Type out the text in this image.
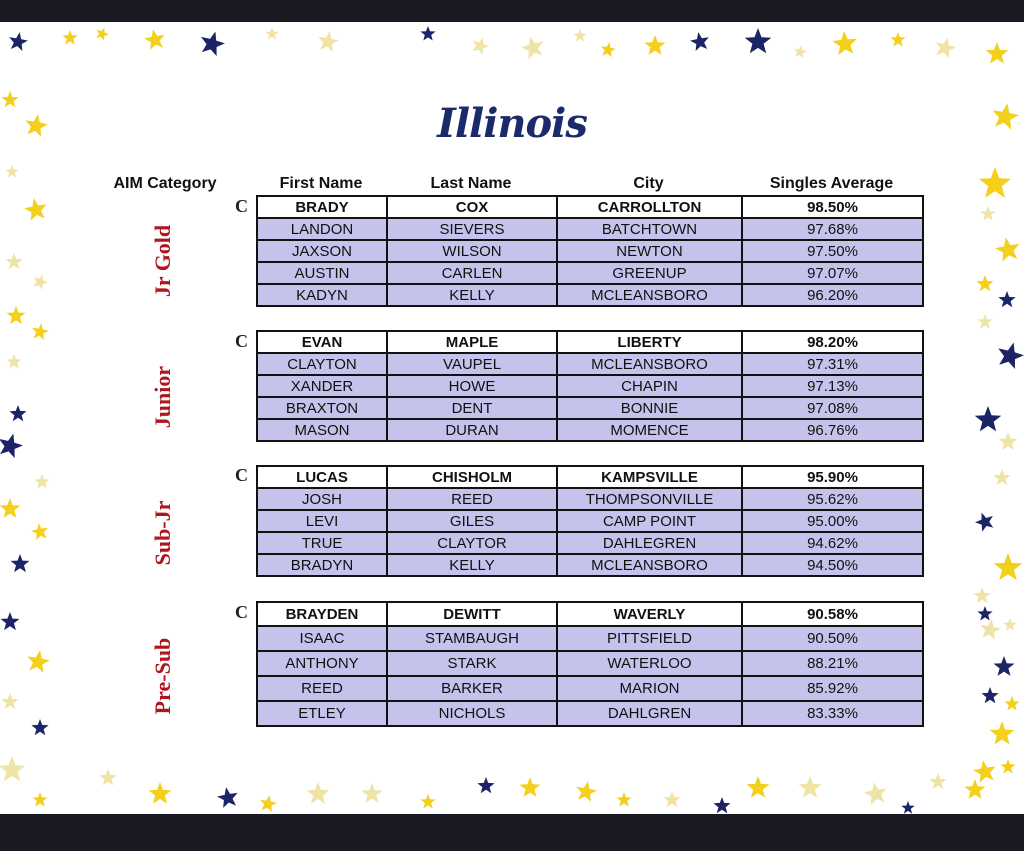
Illinois
AIM Category	First Name	Last Name	City	Singles Average
Jr Gold
C	BRADY	COX	CARROLLTON	98.50%
LANDON	SIEVERS	BATCHTOWN	97.68%
JAXSON	WILSON	NEWTON	97.50%
AUSTIN	CARLEN	GREENUP	97.07%
KADYN	KELLY	MCLEANSBORO	96.20%
Junior
C	EVAN	MAPLE	LIBERTY	98.20%
CLAYTON	VAUPEL	MCLEANSBORO	97.31%
XANDER	HOWE	CHAPIN	97.13%
BRAXTON	DENT	BONNIE	97.08%
MASON	DURAN	MOMENCE	96.76%
Sub-Jr
C	LUCAS	CHISHOLM	KAMPSVILLE	95.90%
JOSH	REED	THOMPSONVILLE	95.62%
LEVI	GILES	CAMP POINT	95.00%
TRUE	CLAYTOR	DAHLEGREN	94.62%
BRADYN	KELLY	MCLEANSBORO	94.50%
Pre-Sub
C	BRAYDEN	DEWITT	WAVERLY	90.58%
ISAAC	STAMBAUGH	PITTSFIELD	90.50%
ANTHONY	STARK	WATERLOO	88.21%
REED	BARKER	MARION	85.92%
ETLEY	NICHOLS	DAHLGREN	83.33%
